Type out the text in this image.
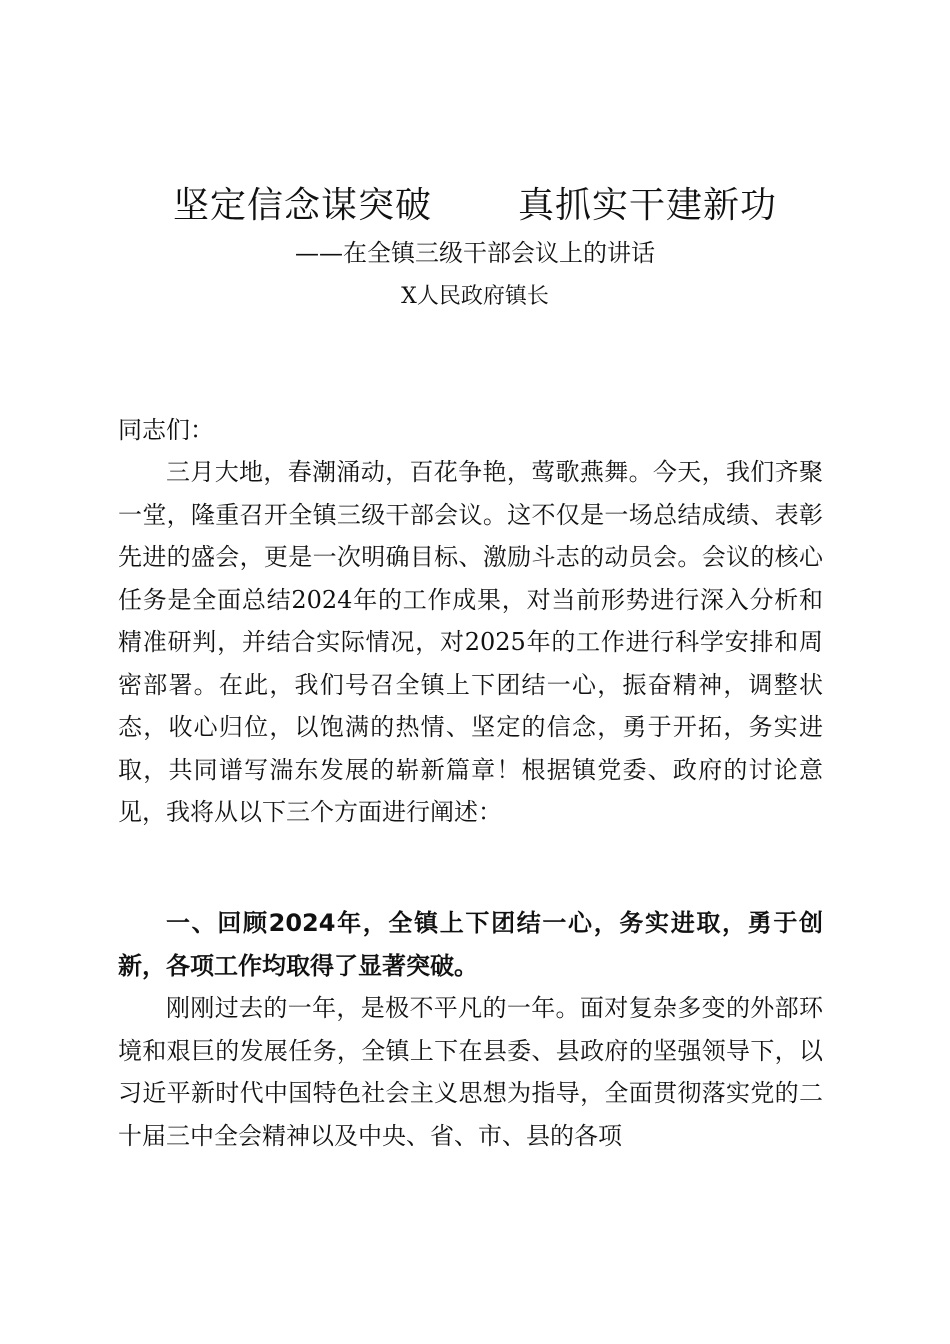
坚定信念谋突破 真抓实干建新功
——在全镇三级干部会议上的讲话
X人民政府镇长
同志们：

三月大地，春潮涌动，百花争艳，莺歌燕舞。今天，我们齐聚一堂，隆重召开全镇三级干部会议。这不仅是一场总结成绩、表彰先进的盛会，更是一次明确目标、激励斗志的动员会。会议的核心任务是全面总结2024年的工作成果，对当前形势进行深入分析和精准研判，并结合实际情况，对2025年的工作进行科学安排和周密部署。在此，我们号召全镇上下团结一心，振奋精神，调整状态，收心归位，以饱满的热情、坚定的信念，勇于开拓，务实进取，共同谱写湍东发展的崭新篇章！根据镇党委、政府的讨论意见，我将从以下三个方面进行阐述：

一、回顾2024年，全镇上下团结一心，务实进取，勇于创新，各项工作均取得了显著突破。

刚刚过去的一年，是极不平凡的一年。面对复杂多变的外部环境和艰巨的发展任务，全镇上下在县委、县政府的坚强领导下，以习近平新时代中国特色社会主义思想为指导，全面贯彻落实党的二十届三中全会精神以及中央、省、市、县的各项
